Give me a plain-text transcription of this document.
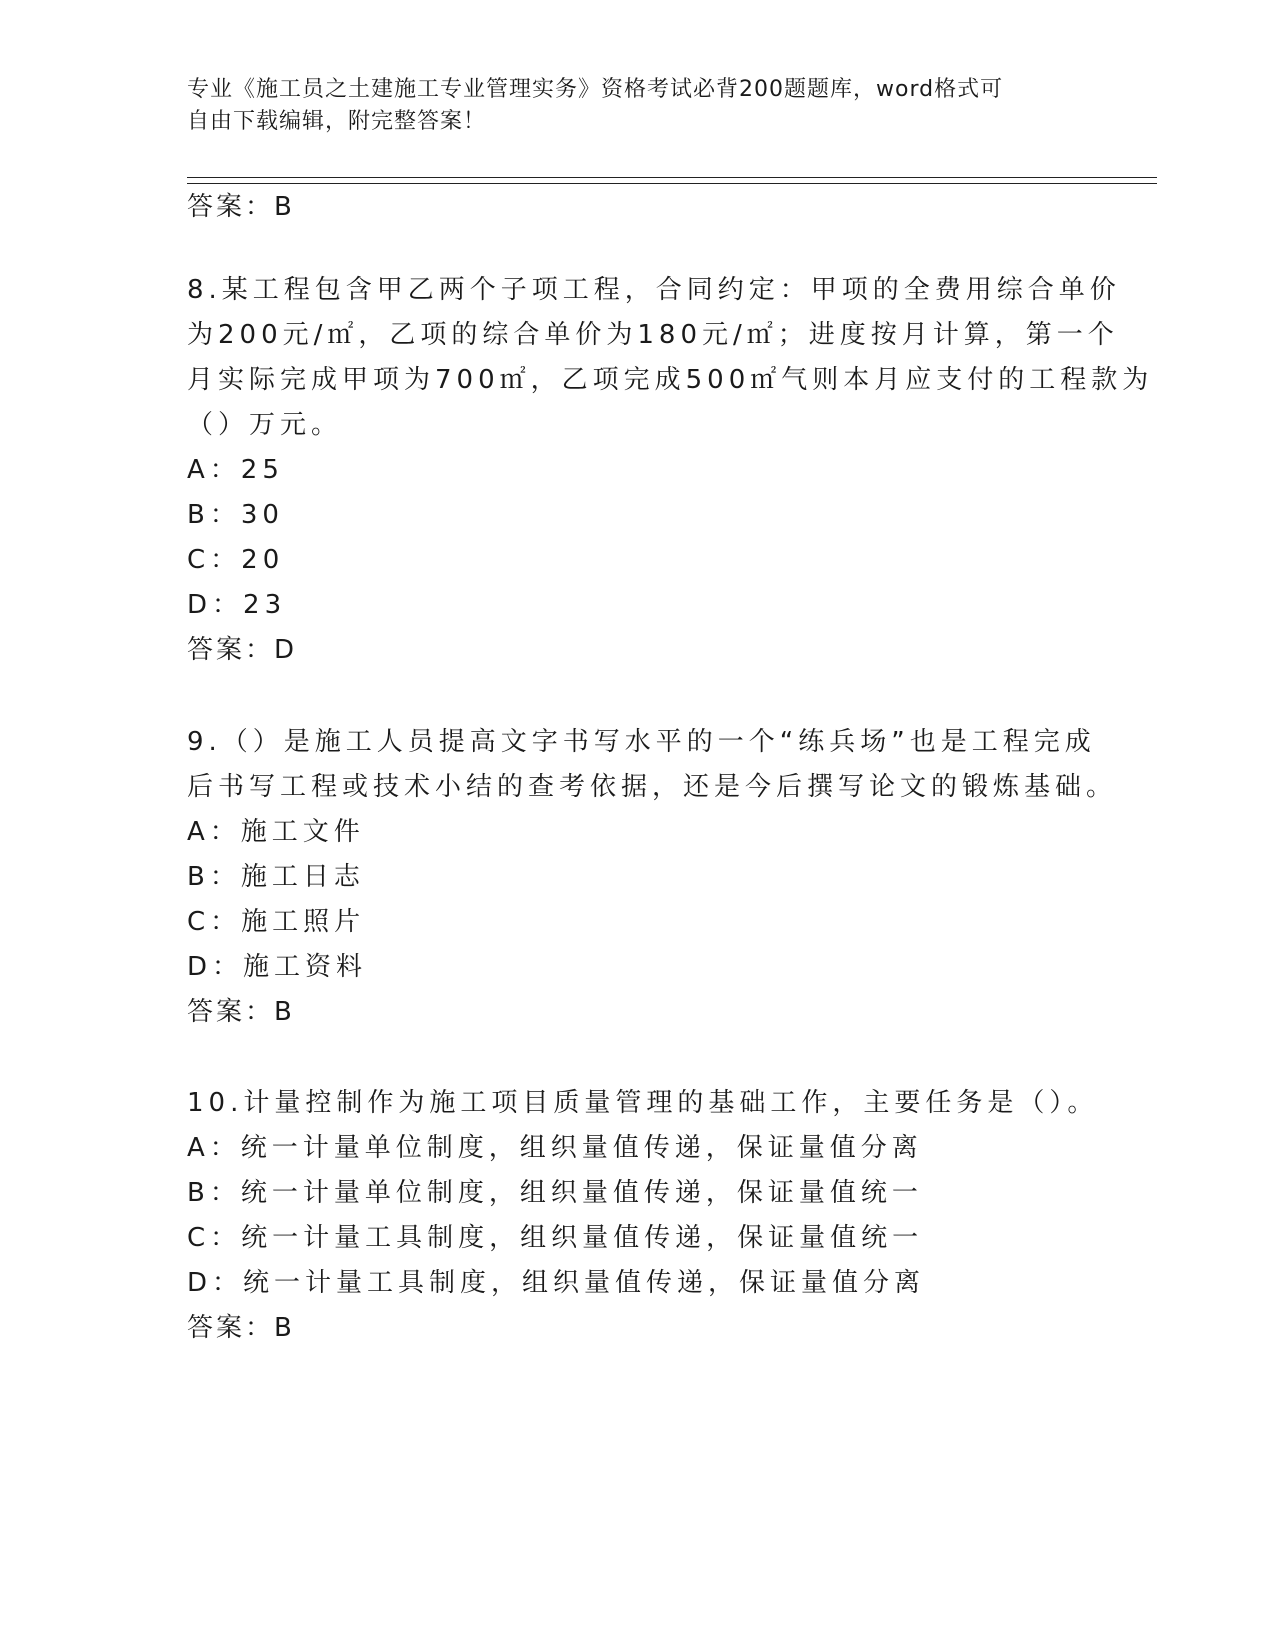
专业《施工员之土建施工专业管理实务》资格考试必背200题题库，word格式可
自由下载编辑，附完整答案！
答案：B
8.某工程包含甲乙两个子项工程，合同约定：甲项的全费用综合单价
为200元/㎡，乙项的综合单价为180元/㎡；进度按月计算，第一个
月实际完成甲项为700㎡，乙项完成500㎡气则本月应支付的工程款为
（）万元。
A：25
B：30
C：20
D：23
答案：D
9.（）是施工人员提高文字书写水平的一个“练兵场”也是工程完成
后书写工程或技术小结的查考依据，还是今后撰写论文的锻炼基础。
A：施工文件
B：施工日志
C：施工照片
D：施工资料
答案：B
10.计量控制作为施工项目质量管理的基础工作，主要任务是（）。
A：统一计量单位制度，组织量值传递，保证量值分离
B：统一计量单位制度，组织量值传递，保证量值统一
C：统一计量工具制度，组织量值传递，保证量值统一
D：统一计量工具制度，组织量值传递，保证量值分离
答案：B
